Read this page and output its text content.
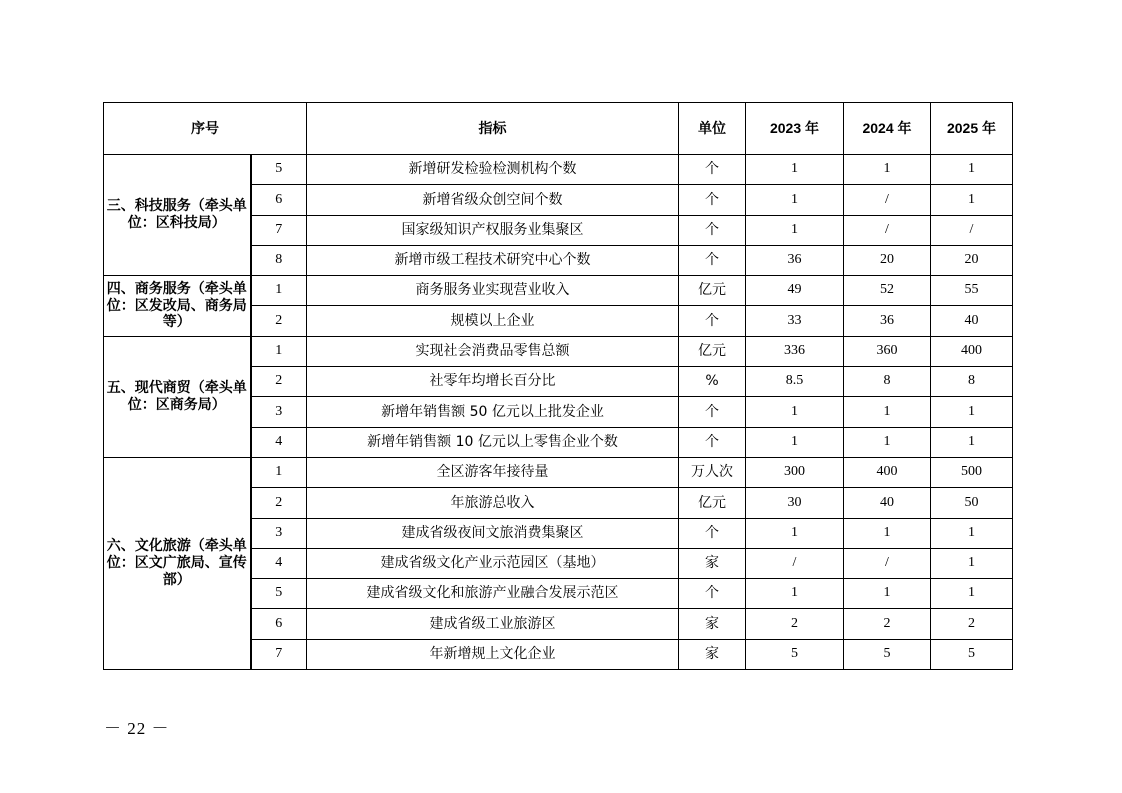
序号		指标	单位	2023 年	2024 年	2025 年
三、科技服务（牵头单位：区科技局）	5	新增研发检验检测机构个数	个	1	1	1
	6	新增省级众创空间个数	个	1	/	1
	7	国家级知识产权服务业集聚区	个	1	/	/
	8	新增市级工程技术研究中心个数	个	36	20	20
四、商务服务（牵头单位：区发改局、商务局等）	1	商务服务业实现营业收入	亿元	49	52	55
	2	规模以上企业	个	33	36	40
五、现代商贸（牵头单位：区商务局）	1	实现社会消费品零售总额	亿元	336	360	400
	2	社零年均增长百分比	%	8.5	8	8
	3	新增年销售额 50 亿元以上批发企业	个	1	1	1
	4	新增年销售额 10 亿元以上零售企业个数	个	1	1	1
六、文化旅游（牵头单位：区文广旅局、宣传部）	1	全区游客年接待量	万人次	300	400	500
	2	年旅游总收入	亿元	30	40	50
	3	建成省级夜间文旅消费集聚区	个	1	1	1
	4	建成省级文化产业示范园区（基地）	家	/	/	1
	5	建成省级文化和旅游产业融合发展示范区	个	1	1	1
	6	建成省级工业旅游区	家	2	2	2
	7	年新增规上文化企业	家	5	5	5
－ 22 －
